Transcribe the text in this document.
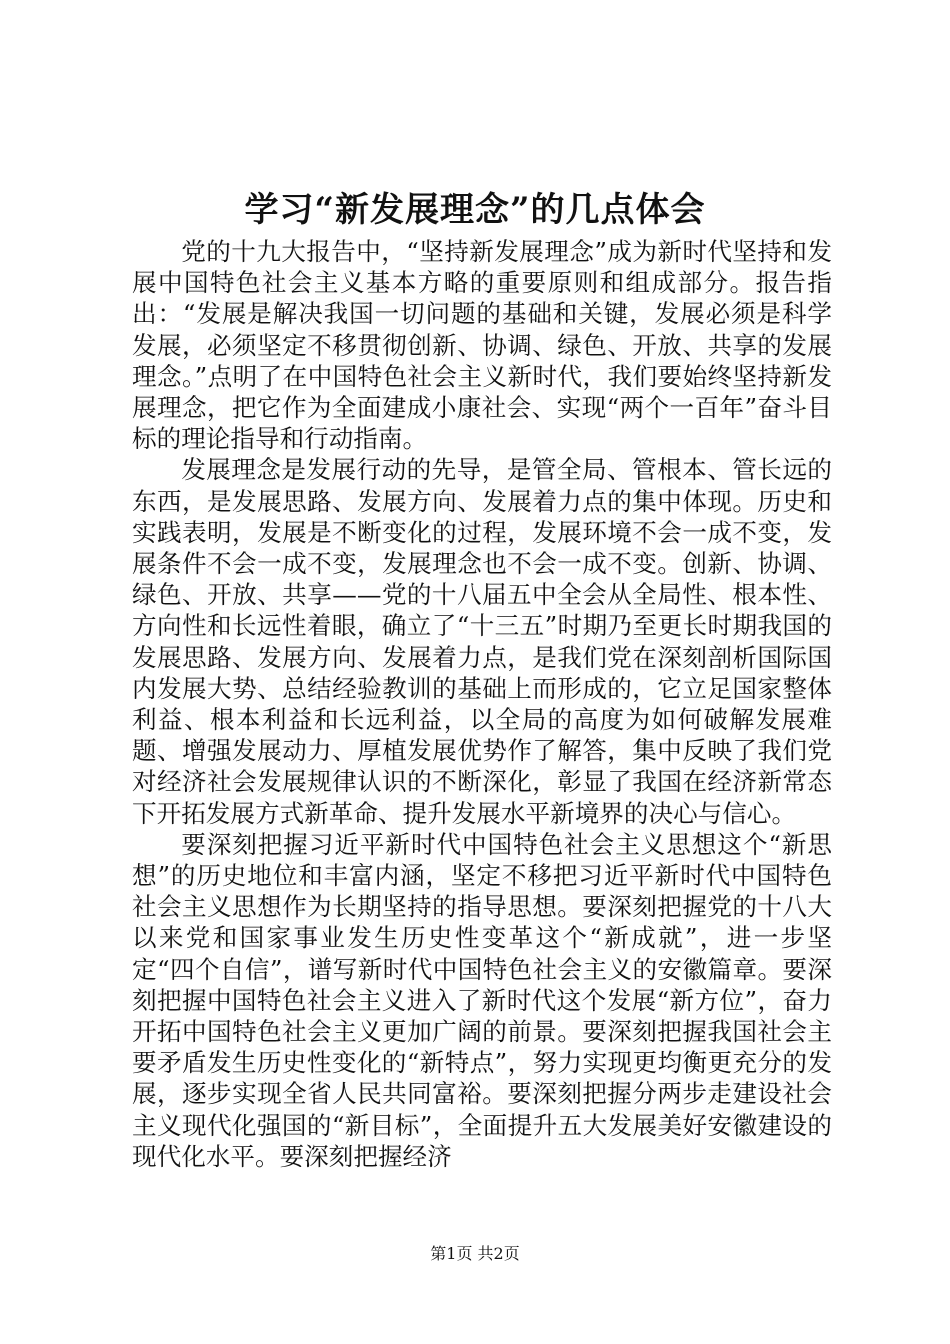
学习“新发展理念”的几点体会

党的十九大报告中，“坚持新发展理念”成为新时代坚持和发展中国特色社会主义基本方略的重要原则和组成部分。报告指出：“发展是解决我国一切问题的基础和关键，发展必须是科学发展，必须坚定不移贯彻创新、协调、绿色、开放、共享的发展理念。”点明了在中国特色社会主义新时代，我们要始终坚持新发展理念，把它作为全面建成小康社会、实现“两个一百年”奋斗目标的理论指导和行动指南。

发展理念是发展行动的先导，是管全局、管根本、管长远的东西，是发展思路、发展方向、发展着力点的集中体现。历史和实践表明，发展是不断变化的过程，发展环境不会一成不变，发展条件不会一成不变，发展理念也不会一成不变。创新、协调、绿色、开放、共享——党的十八届五中全会从全局性、根本性、方向性和长远性着眼，确立了“十三五”时期乃至更长时期我国的发展思路、发展方向、发展着力点，是我们党在深刻剖析国际国内发展大势、总结经验教训的基础上而形成的，它立足国家整体利益、根本利益和长远利益，以全局的高度为如何破解发展难题、增强发展动力、厚植发展优势作了解答，集中反映了我们党对经济社会发展规律认识的不断深化，彰显了我国在经济新常态下开拓发展方式新革命、提升发展水平新境界的决心与信心。

要深刻把握习近平新时代中国特色社会主义思想这个“新思想”的历史地位和丰富内涵，坚定不移把习近平新时代中国特色社会主义思想作为长期坚持的指导思想。要深刻把握党的十八大以来党和国家事业发生历史性变革这个“新成就”，进一步坚定“四个自信”，谱写新时代中国特色社会主义的安徽篇章。要深刻把握中国特色社会主义进入了新时代这个发展“新方位”，奋力开拓中国特色社会主义更加广阔的前景。要深刻把握我国社会主要矛盾发生历史性变化的“新特点”，努力实现更均衡更充分的发展，逐步实现全省人民共同富裕。要深刻把握分两步走建设社会主义现代化强国的“新目标”，全面提升五大发展美好安徽建设的现代化水平。要深刻把握经济

第1页 共2页
